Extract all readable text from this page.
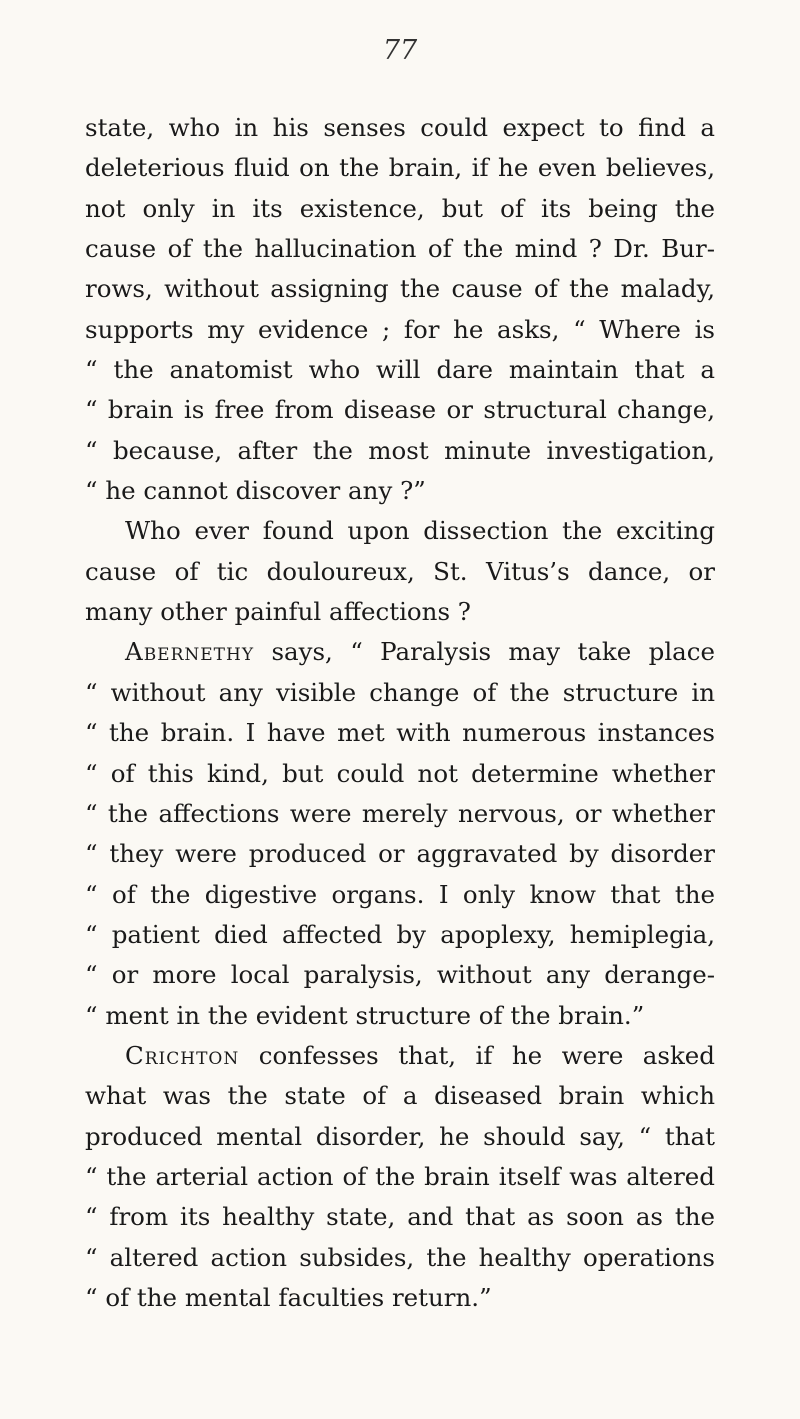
77
state, who in his senses could expect to find a
deleterious fluid on the brain, if he even believes,
not only in its existence, but of its being the
cause of the hallucination of the mind ? Dr. Bur-
rows, without assigning the cause of the malady,
supports my evidence ; for he asks, “ Where is
“ the anatomist who will dare maintain that a
“ brain is free from disease or structural change,
“ because, after the most minute investigation,
“ he cannot discover any ?”
Who ever found upon dissection the exciting
cause of tic douloureux, St. Vitus’s dance, or
many other painful affections ?
Abernethy says, “ Paralysis may take place
“ without any visible change of the structure in
“ the brain. I have met with numerous instances
“ of this kind, but could not determine whether
“ the affections were merely nervous, or whether
“ they were produced or aggravated by disorder
“ of the digestive organs. I only know that the
“ patient died affected by apoplexy, hemiplegia,
“ or more local paralysis, without any derange-
“ ment in the evident structure of the brain.”
Crichton confesses that, if he were asked
what was the state of a diseased brain which
produced mental disorder, he should say, “ that
“ the arterial action of the brain itself was altered
“ from its healthy state, and that as soon as the
“ altered action subsides, the healthy operations
“ of the mental faculties return.”
